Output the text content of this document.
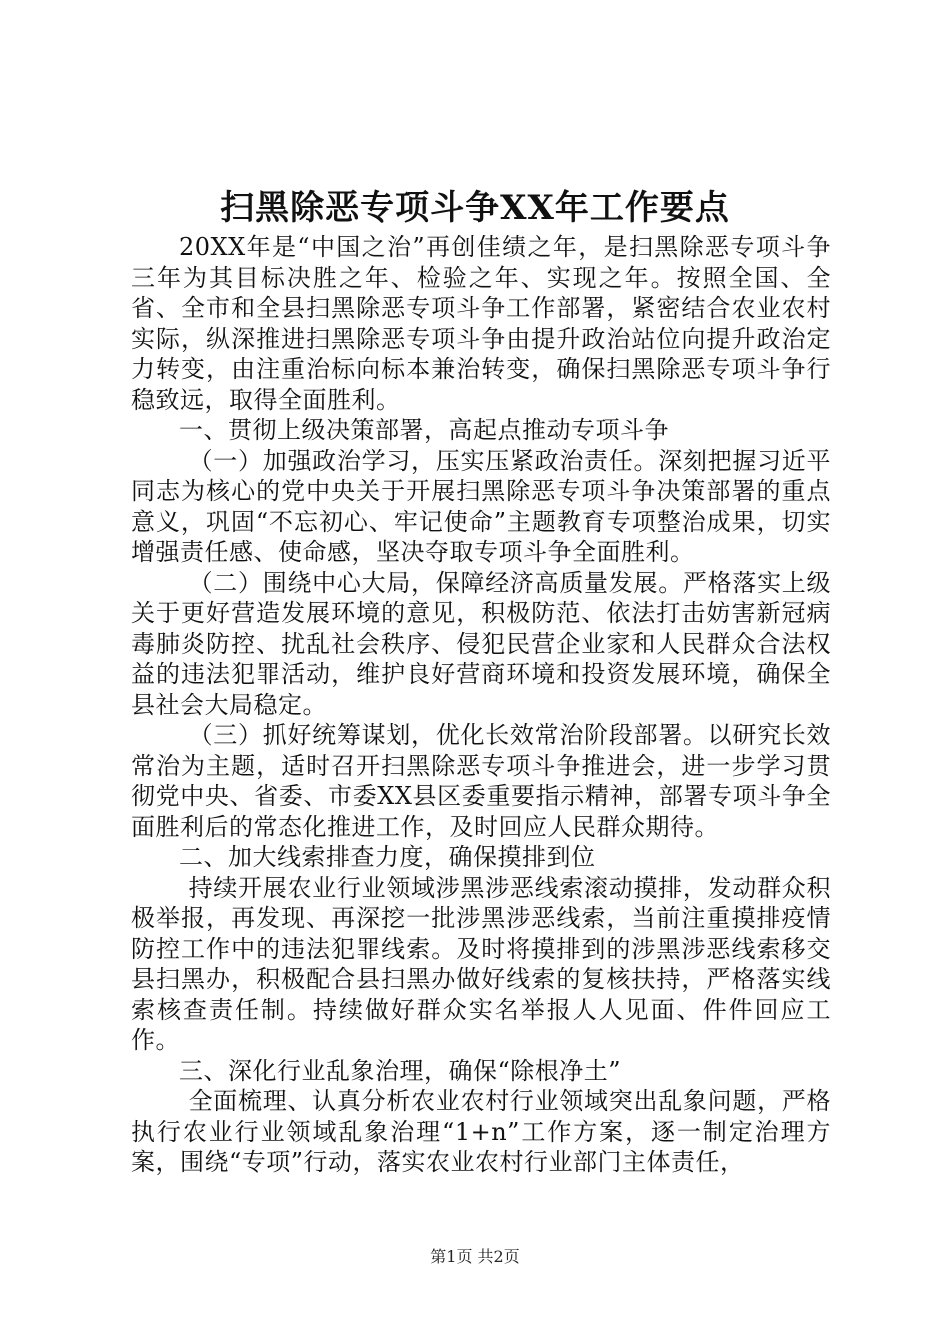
扫黑除恶专项斗争XX年工作要点

20XX年是“中国之治”再创佳绩之年，是扫黑除恶专项斗争三年为其目标决胜之年、检验之年、实现之年。按照全国、全省、全市和全县扫黑除恶专项斗争工作部署，紧密结合农业农村实际，纵深推进扫黑除恶专项斗争由提升政治站位向提升政治定力转变，由注重治标向标本兼治转变，确保扫黑除恶专项斗争行稳致远，取得全面胜利。

一、贯彻上级决策部署，高起点推动专项斗争

（一）加强政治学习，压实压紧政治责任。深刻把握习近平同志为核心的党中央关于开展扫黑除恶专项斗争决策部署的重点意义，巩固“不忘初心、牢记使命”主题教育专项整治成果，切实增强责任感、使命感，坚决夺取专项斗争全面胜利。

（二）围绕中心大局，保障经济高质量发展。严格落实上级关于更好营造发展环境的意见，积极防范、依法打击妨害新冠病毒肺炎防控、扰乱社会秩序、侵犯民营企业家和人民群众合法权益的违法犯罪活动，维护良好营商环境和投资发展环境，确保全县社会大局稳定。

（三）抓好统筹谋划，优化长效常治阶段部署。以研究长效常治为主题，适时召开扫黑除恶专项斗争推进会，进一步学习贯彻党中央、省委、市委XX县区委重要指示精神，部署专项斗争全面胜利后的常态化推进工作，及时回应人民群众期待。

二、加大线索排查力度，确保摸排到位

持续开展农业行业领域涉黑涉恶线索滚动摸排，发动群众积极举报，再发现、再深挖一批涉黑涉恶线索，当前注重摸排疫情防控工作中的违法犯罪线索。及时将摸排到的涉黑涉恶线索移交县扫黑办，积极配合县扫黑办做好线索的复核扶持，严格落实线索核查责任制。持续做好群众实名举报人人见面、件件回应工作。

三、深化行业乱象治理，确保“除根净土”

全面梳理、认真分析农业农村行业领域突出乱象问题，严格执行农业行业领域乱象治理“1+n”工作方案，逐一制定治理方案，围绕“专项”行动，落实农业农村行业部门主体责任，

第1页 共2页
